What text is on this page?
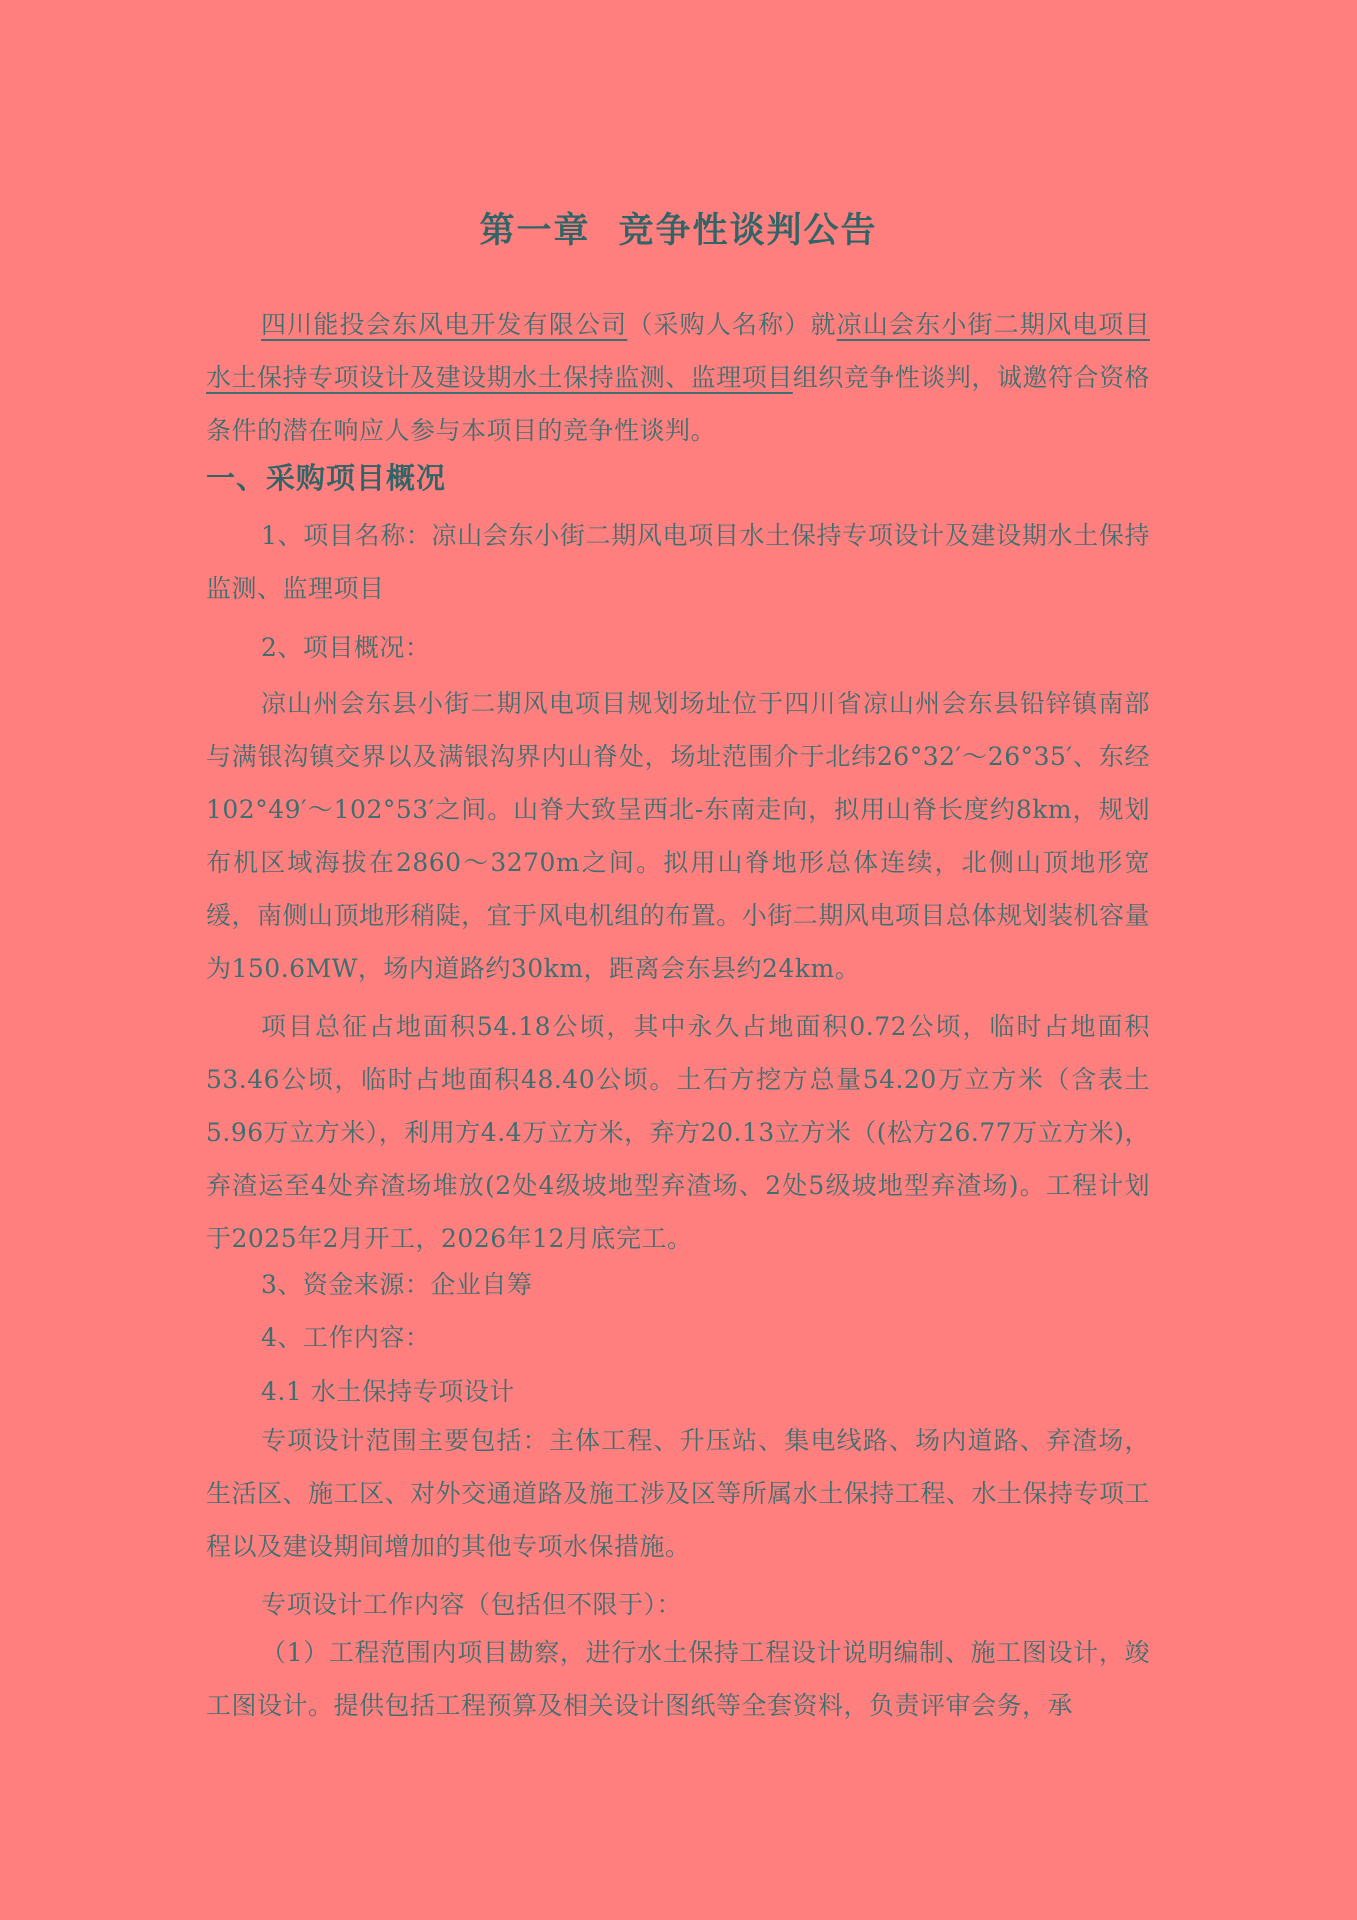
第一章 竞争性谈判公告

四川能投会东风电开发有限公司（采购人名称）就凉山会东小街二期风电项目水土保持专项设计及建设期水土保持监测、监理项目组织竞争性谈判，诚邀符合资格条件的潜在响应人参与本项目的竞争性谈判。

一、采购项目概况

1、项目名称：凉山会东小街二期风电项目水土保持专项设计及建设期水土保持监测、监理项目

2、项目概况：

凉山州会东县小街二期风电项目规划场址位于四川省凉山州会东县铅锌镇南部与满银沟镇交界以及满银沟界内山脊处，场址范围介于北纬26°32′～26°35′、东经102°49′～102°53′之间。山脊大致呈西北-东南走向，拟用山脊长度约8km，规划布机区域海拔在2860～3270m之间。拟用山脊地形总体连续，北侧山顶地形宽缓，南侧山顶地形稍陡，宜于风电机组的布置。小街二期风电项目总体规划装机容量为150.6MW，场内道路约30km，距离会东县约24km。

项目总征占地面积54.18公顷，其中永久占地面积0.72公顷，临时占地面积53.46公顷，临时占地面积48.40公顷。土石方挖方总量54.20万立方米（含表土5.96万立方米），利用方4.4万立方米，弃方20.13立方米（(松方26.77万立方米)，弃渣运至4处弃渣场堆放(2处4级坡地型弃渣场、2处5级坡地型弃渣场)。工程计划于2025年2月开工，2026年12月底完工。

3、资金来源：企业自筹

4、工作内容：

4.1 水土保持专项设计

专项设计范围主要包括：主体工程、升压站、集电线路、场内道路、弃渣场，生活区、施工区、对外交通道路及施工涉及区等所属水土保持工程、水土保持专项工程以及建设期间增加的其他专项水保措施。

专项设计工作内容（包括但不限于）：

（1）工程范围内项目勘察，进行水土保持工程设计说明编制、施工图设计，竣工图设计。提供包括工程预算及相关设计图纸等全套资料，负责评审会务，承
